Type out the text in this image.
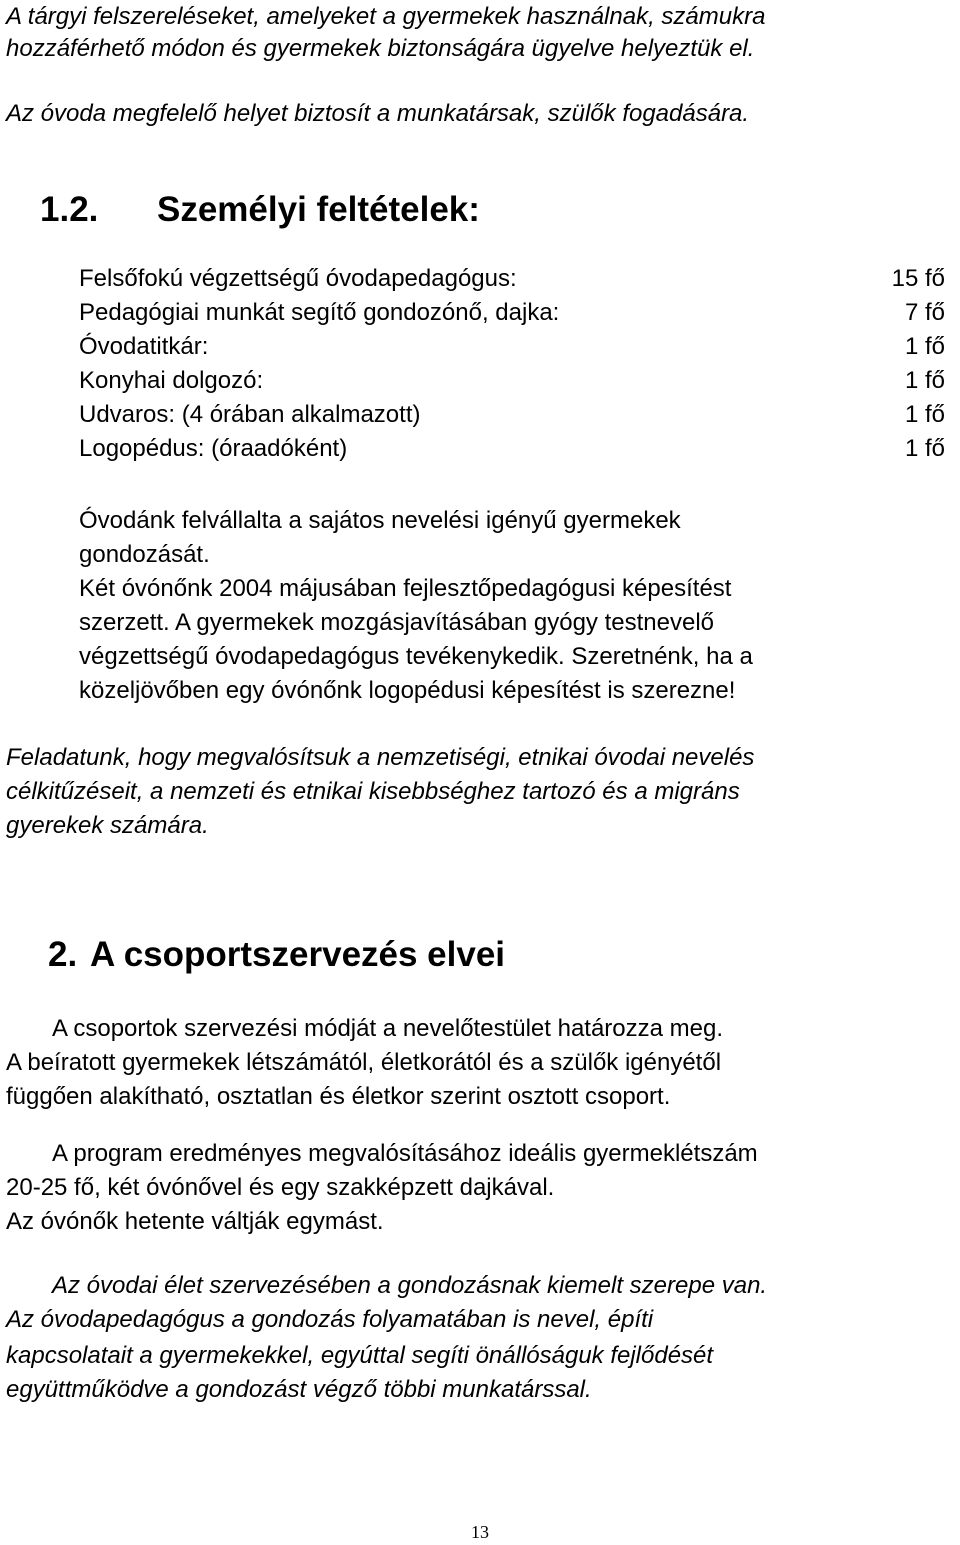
A tárgyi felszereléseket, amelyeket a gyermekek használnak, számukra
hozzáférhető módon és gyermekek biztonságára ügyelve helyeztük el.
Az óvoda megfelelő helyet biztosít a munkatársak, szülők fogadására.
1.2. Személyi feltételek:
Felsőfokú végzettségű óvodapedagógus:	15 fő
Pedagógiai munkát segítő gondozónő, dajka:	7 fő
Óvodatitkár:	1 fő
Konyhai dolgozó:	1 fő
Udvaros: (4 órában alkalmazott)	1 fő
Logopédus: (óraadóként)	1 fő
Óvodánk felvállalta a sajátos nevelési igényű gyermekek
gondozását.
Két óvónőnk 2004 májusában fejlesztőpedagógusi képesítést
szerzett. A gyermekek mozgásjavításában gyógy testnevelő
végzettségű óvodapedagógus tevékenykedik. Szeretnénk, ha a
közeljövőben egy óvónőnk logopédusi képesítést is szerezne!
Feladatunk, hogy megvalósítsuk a nemzetiségi, etnikai óvodai nevelés
célkitűzéseit, a nemzeti és etnikai kisebbséghez tartozó és a migráns
gyerekek számára.
2. A csoportszervezés elvei
A csoportok szervezési módját a nevelőtestület határozza meg.
A beíratott gyermekek létszámától, életkorától és a szülők igényétől
függően alakítható, osztatlan és életkor szerint osztott csoport.
A program eredményes megvalósításához ideális gyermeklétszám
20-25 fő, két óvónővel és egy szakképzett dajkával.
Az óvónők hetente váltják egymást.
Az óvodai élet szervezésében a gondozásnak kiemelt szerepe van.
Az óvodapedagógus a gondozás folyamatában is nevel, építi
kapcsolatait a gyermekekkel, egyúttal segíti önállóságuk fejlődését
együttműködve a gondozást végző többi munkatárssal.
13
